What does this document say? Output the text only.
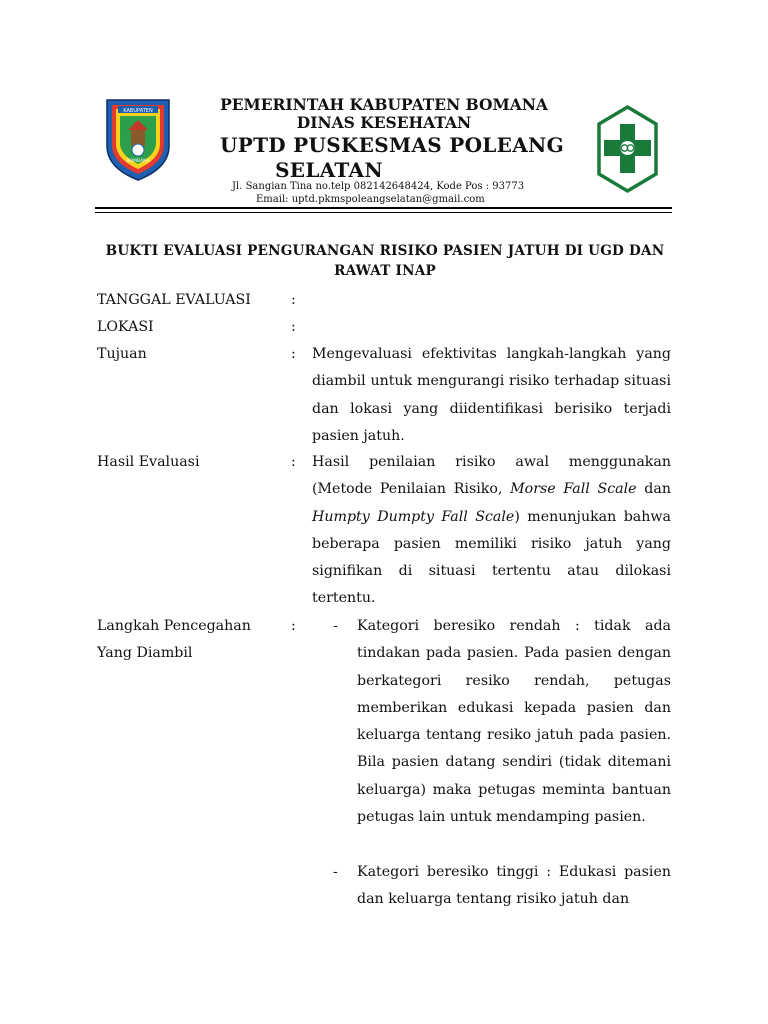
KABUPATEN
BOMBANA
PEMERINTAH KABUPATEN BOMANA
DINAS KESEHATAN
UPTD PUSKESMAS POLEANG
SELATAN
Jl. Sangian Tina no.telp 082142648424, Kode Pos : 93773
Email: uptd.pkmspoleangselatan@gmail.com
BUKTI EVALUASI PENGURANGAN RISIKO PASIEN JATUH DI UGD DAN RAWAT INAP
TANGGAL EVALUASI	:
LOKASI	:
Tujuan	: Mengevaluasi efektivitas langkah-langkah yang diambil untuk mengurangi risiko terhadap situasi dan lokasi yang diidentifikasi berisiko terjadi pasien jatuh.
Hasil Evaluasi	: Hasil penilaian risiko awal menggunakan (Metode Penilaian Risiko, Morse Fall Scale dan Humpty Dumpty Fall Scale) menunjukan bahwa beberapa pasien memiliki risiko jatuh yang signifikan di situasi tertentu atau dilokasi tertentu.
Langkah Pencegahan
Yang Diambil
:	- Kategori beresiko rendah : tidak ada tindakan pada pasien. Pada pasien dengan berkategori resiko rendah, petugas memberikan edukasi kepada pasien dan keluarga tentang resiko jatuh pada pasien. Bila pasien datang sendiri (tidak ditemani keluarga) maka petugas meminta bantuan petugas lain untuk mendamping pasien.
- Kategori beresiko tinggi : Edukasi pasien dan keluarga tentang risiko jatuh dan
